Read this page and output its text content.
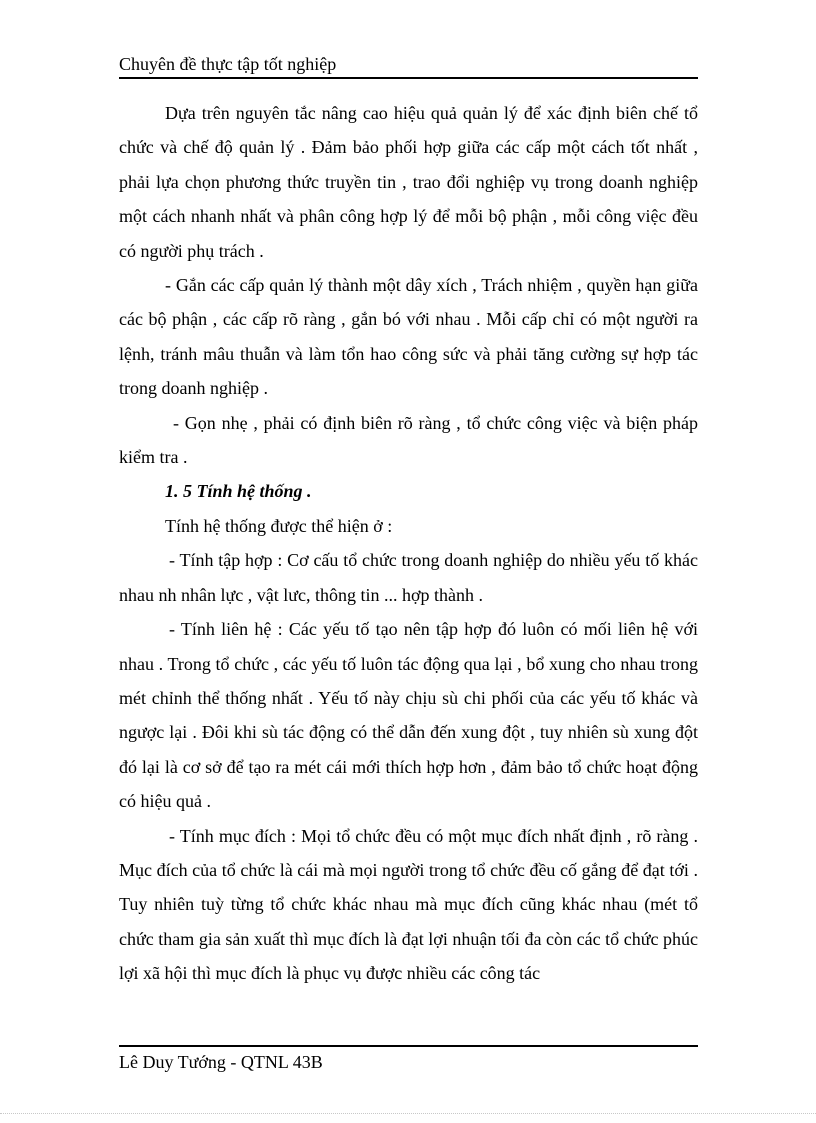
Chuyên đề thực tập tốt nghiệp

Dựa trên nguyên tắc nâng cao hiệu quả quản lý để xác định biên chế tổ chức và chế độ quản lý . Đảm bảo phối hợp giữa các cấp một cách tốt nhất , phải lựa chọn phương thức truyền tin , trao đổi nghiệp vụ trong doanh nghiệp một cách nhanh nhất và phân công hợp lý để mỗi bộ phận , mỗi công việc đều có người phụ trách .

- Gắn các cấp quản lý thành một dây xích , Trách nhiệm , quyền hạn giữa các bộ phận , các cấp rõ ràng , gắn bó với nhau . Mỗi cấp chỉ có một người ra lệnh, tránh mâu thuẫn và làm tổn hao công sức và phải tăng cường sự hợp tác trong doanh nghiệp .

- Gọn nhẹ , phải có định biên rõ ràng , tổ chức công việc và biện pháp kiểm tra .

1. 5 Tính hệ thống .

Tính hệ thống được thể hiện ở :

- Tính tập hợp : Cơ cấu tổ chức trong doanh nghiệp do nhiều yếu tố khác nhau nh nhân lực , vật lưc, thông tin ... hợp thành .

- Tính liên hệ : Các yếu tố tạo nên tập hợp đó luôn có mối liên hệ với nhau . Trong tổ chức , các yếu tố luôn tác động qua lại , bổ xung cho nhau trong mét chỉnh thể thống nhất . Yếu tố này chịu sù chi phối của các yếu tố khác và ngược lại . Đôi khi sù tác động có thể dẫn đến xung đột , tuy nhiên sù xung đột đó lại là cơ sở để tạo ra mét cái mới thích hợp hơn , đảm bảo tổ chức hoạt động có hiệu quả .

- Tính mục đích : Mọi tổ chức đều có một mục đích nhất định , rõ ràng . Mục đích của tổ chức là cái mà mọi người trong tổ chức đều cố gắng để đạt tới . Tuy nhiên tuỳ từng tổ chức khác nhau mà mục đích cũng khác nhau (mét tổ chức tham gia sản xuất thì mục đích là đạt lợi nhuận tối đa còn các tổ chức phúc lợi xã hội thì mục đích là phục vụ được nhiều các công tác

Lê Duy Tướng - QTNL 43B
